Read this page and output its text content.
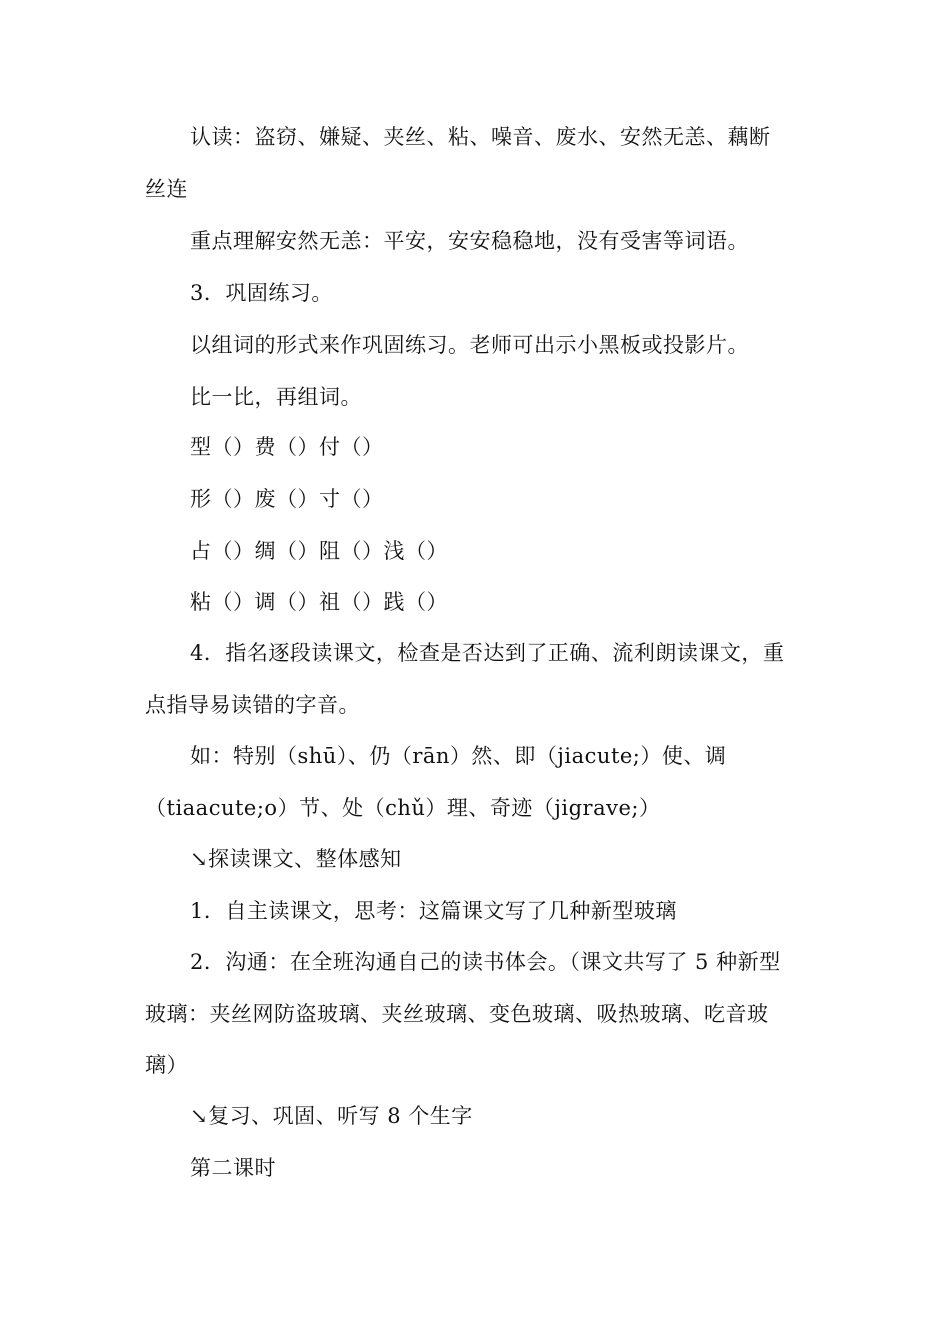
认读：盗窃、嫌疑、夹丝、粘、噪音、废水、安然无恙、藕断
丝连
重点理解安然无恙：平安，安安稳稳地，没有受害等词语。
3．巩固练习。
以组词的形式来作巩固练习。老师可出示小黑板或投影片。
比一比，再组词。
型（）费（）付（）
形（）废（）寸（）
占（）绸（）阻（）浅（）
粘（）调（）祖（）践（）
4．指名逐段读课文，检查是否达到了正确、流利朗读课文，重
点指导易读错的字音。
如：特别（shū）、仍（rān）然、即（jiacute;）使、调
（tiaacute;o）节、处（chǔ）理、奇迹（jigrave;）
↘探读课文、整体感知
1．自主读课文，思考：这篇课文写了几种新型玻璃
2．沟通：在全班沟通自己的读书体会。（课文共写了 5 种新型
玻璃：夹丝网防盗玻璃、夹丝玻璃、变色玻璃、吸热玻璃、吃音玻
璃）
↘复习、巩固、听写 8 个生字
第二课时
